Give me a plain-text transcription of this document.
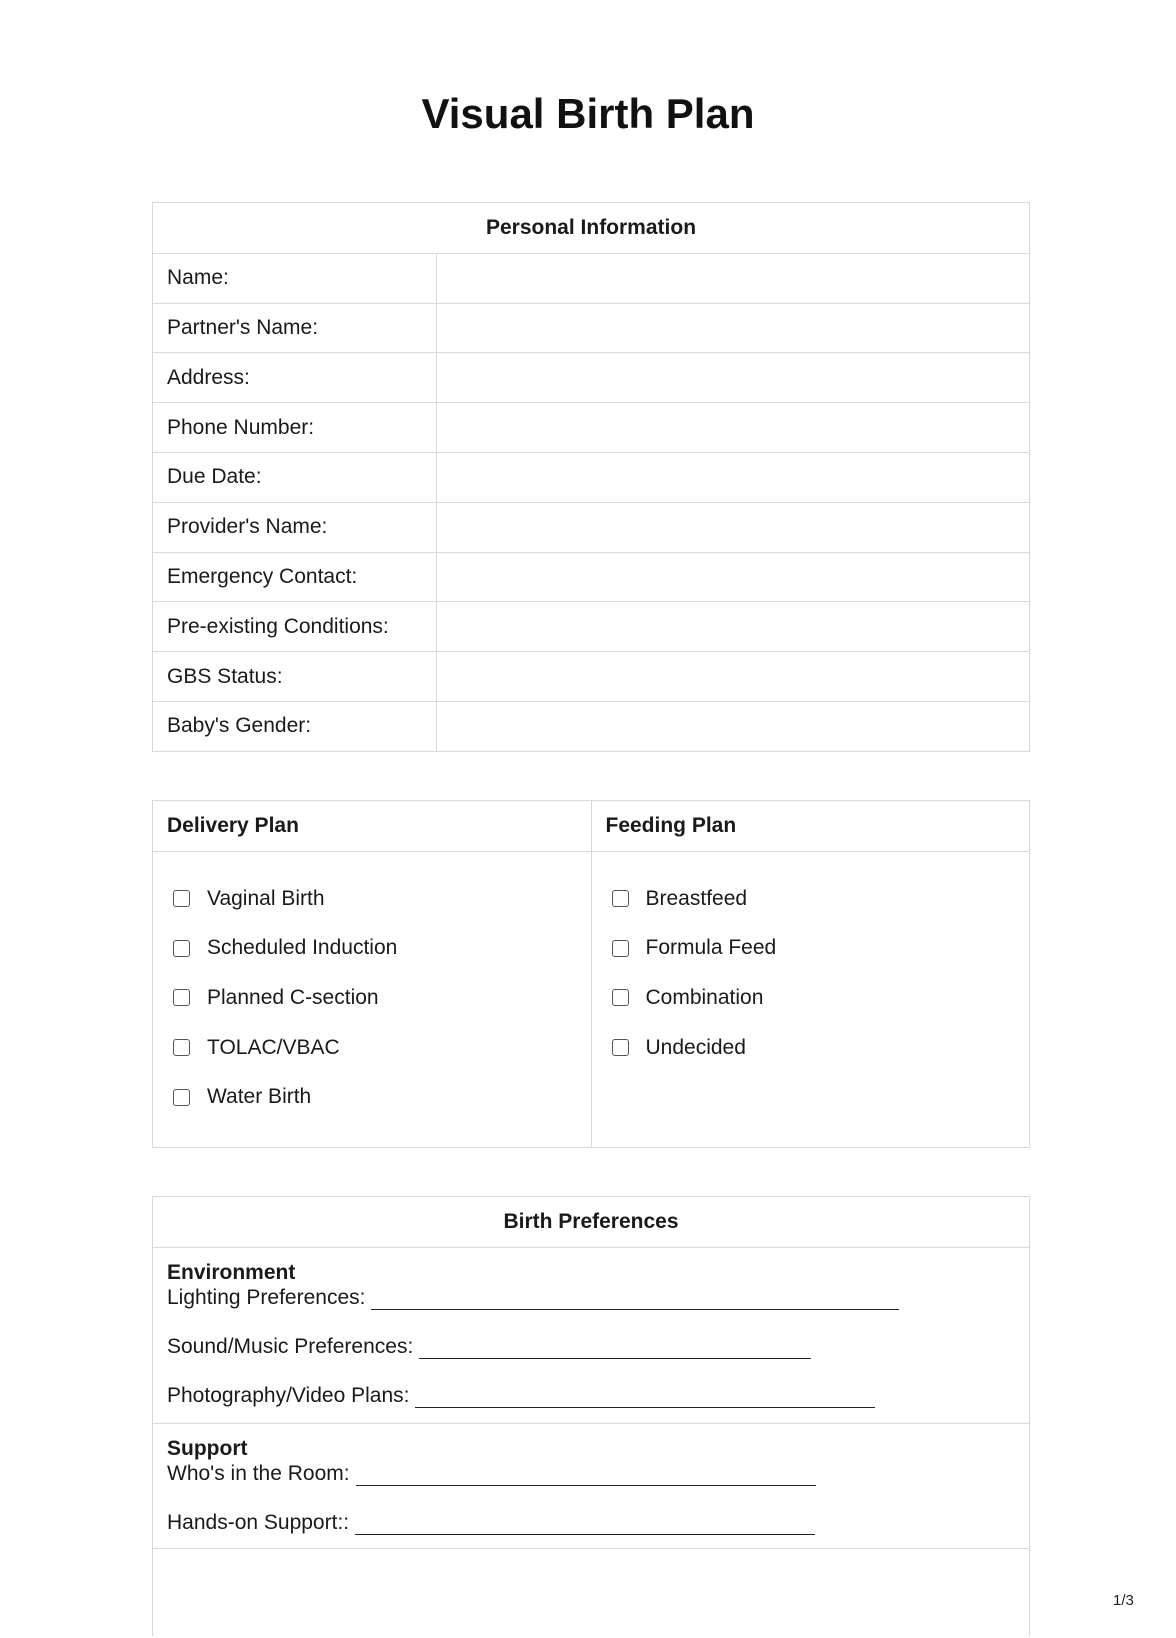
Visual Birth Plan
Personal Information
Name:
Partner's Name:
Address:
Phone Number:
Due Date:
Provider's Name:
Emergency Contact:
Pre-existing Conditions:
GBS Status:
Baby's Gender:
Delivery Plan
Vaginal Birth
Scheduled Induction
Planned C-section
TOLAC/VBAC
Water Birth
Feeding Plan
Breastfeed
Formula Feed
Combination
Undecided
Birth Preferences
Environment
Lighting Preferences:
Sound/Music Preferences:
Photography/Video Plans:
Support
Who's in the Room:
Hands-on Support::
1/3
